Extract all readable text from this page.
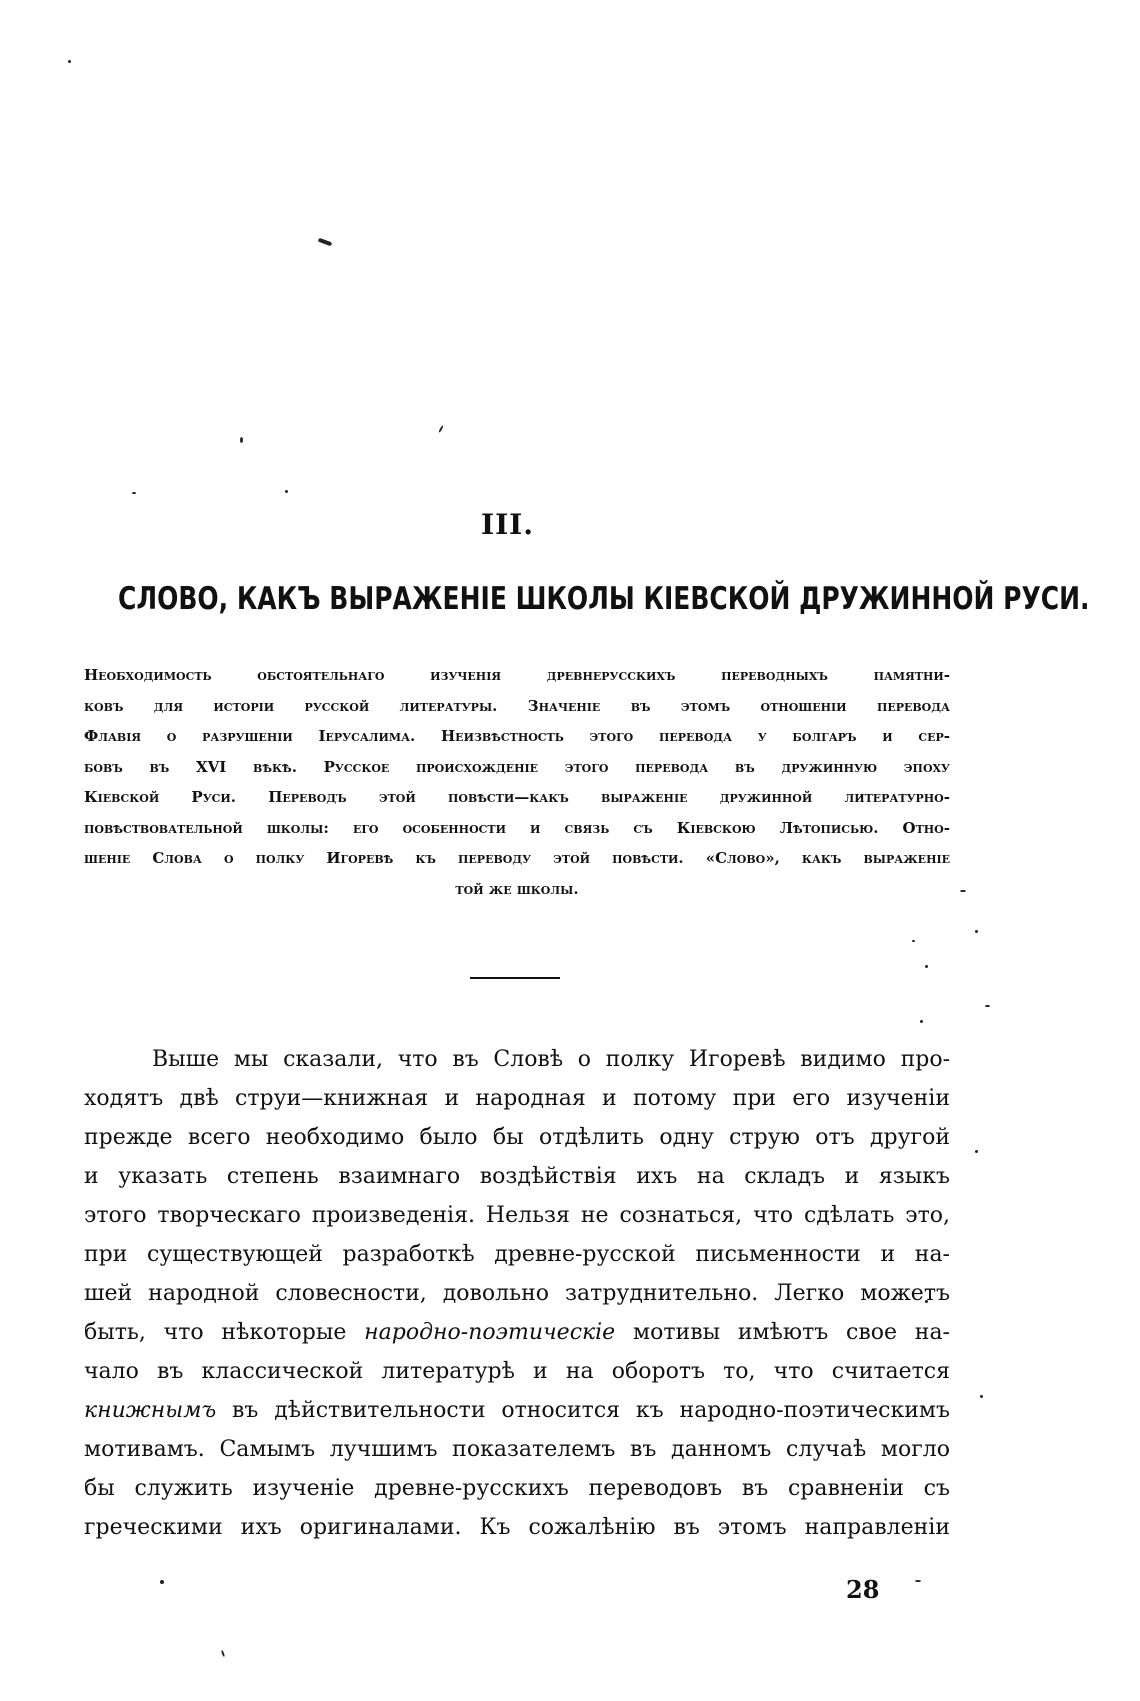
III.
СЛОВО, КАКЪ ВЫРАЖЕНІЕ ШКОЛЫ КІЕВСКОЙ ДРУЖИННОЙ РУСИ.
Необходимость обстоятельнаго изученія древнерусскихъ переводныхъ памятни-
ковъ для исторіи русской литературы. Значеніе въ этомъ отношеніи перевода
Флавія о разрушеніи Іерусалима. Неизвѣстность этого перевода у болгаръ и сер-
бовъ въ XVI вѣкѣ. Русское происхожденіе этого перевода въ дружинную эпоху
Кіевской Руси. Переводъ этой повѣсти—какъ выраженіе дружинной литературно-
повѣствовательной школы: его особенности и связь съ Кіевскою Лѣтописью. Отно-
шеніе Слова о полку Игоревѣ къ переводу этой повѣсти. «Слово», какъ выраженіе
той же школы.
Выше мы сказали, что въ Словѣ о полку Игоревѣ видимо про-
ходятъ двѣ струи—книжная и народная и потому при его изученіи
прежде всего необходимо было бы отдѣлить одну струю отъ другой
и указать степень взаимнаго воздѣйствія ихъ на складъ и языкъ
этого творческаго произведенія. Нельзя не сознаться, что сдѣлать это,
при существующей разработкѣ древне-русской письменности и на-
шей народной словесности, довольно затруднительно. Легко можетъ
быть, что нѣкоторые народно-поэтическіе мотивы имѣютъ свое на-
чало въ классической литературѣ и на оборотъ то, что считается
книжнымъ въ дѣйствительности относится къ народно-поэтическимъ
мотивамъ. Самымъ лучшимъ показателемъ въ данномъ случаѣ могло
бы служить изученіе древне-русскихъ переводовъ въ сравненіи съ
греческими ихъ оригиналами. Къ сожалѣнію въ этомъ направленіи
28
